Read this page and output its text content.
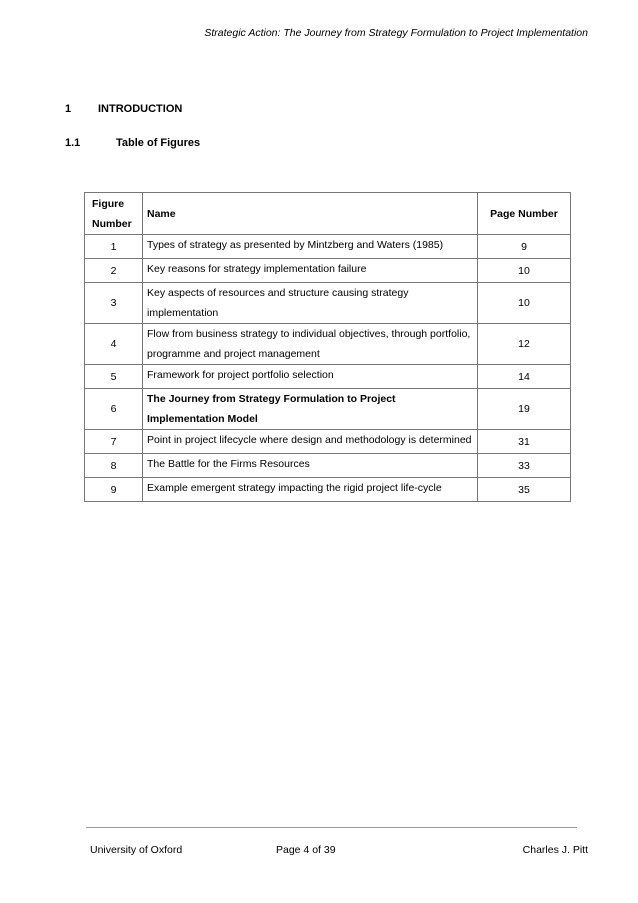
Strategic Action: The Journey from Strategy Formulation to Project Implementation
1 INTRODUCTION
1.1	Table of Figures
Figure
Number	Name	Page Number
1	Types of strategy as presented by Mintzberg and Waters (1985)	9
2	Key reasons for strategy implementation failure	10
3	Key aspects of resources and structure causing strategy
implementation	10
4	Flow from business strategy to individual objectives, through portfolio,
programme and project management	12
5	Framework for project portfolio selection	14
6	The Journey from Strategy Formulation to Project
Implementation Model	19
7	Point in project lifecycle where design and methodology is determined	31
8	The Battle for the Firms Resources	33
9	Example emergent strategy impacting the rigid project life-cycle	35
University of Oxford	Page 4 of 39	Charles J. Pitt
